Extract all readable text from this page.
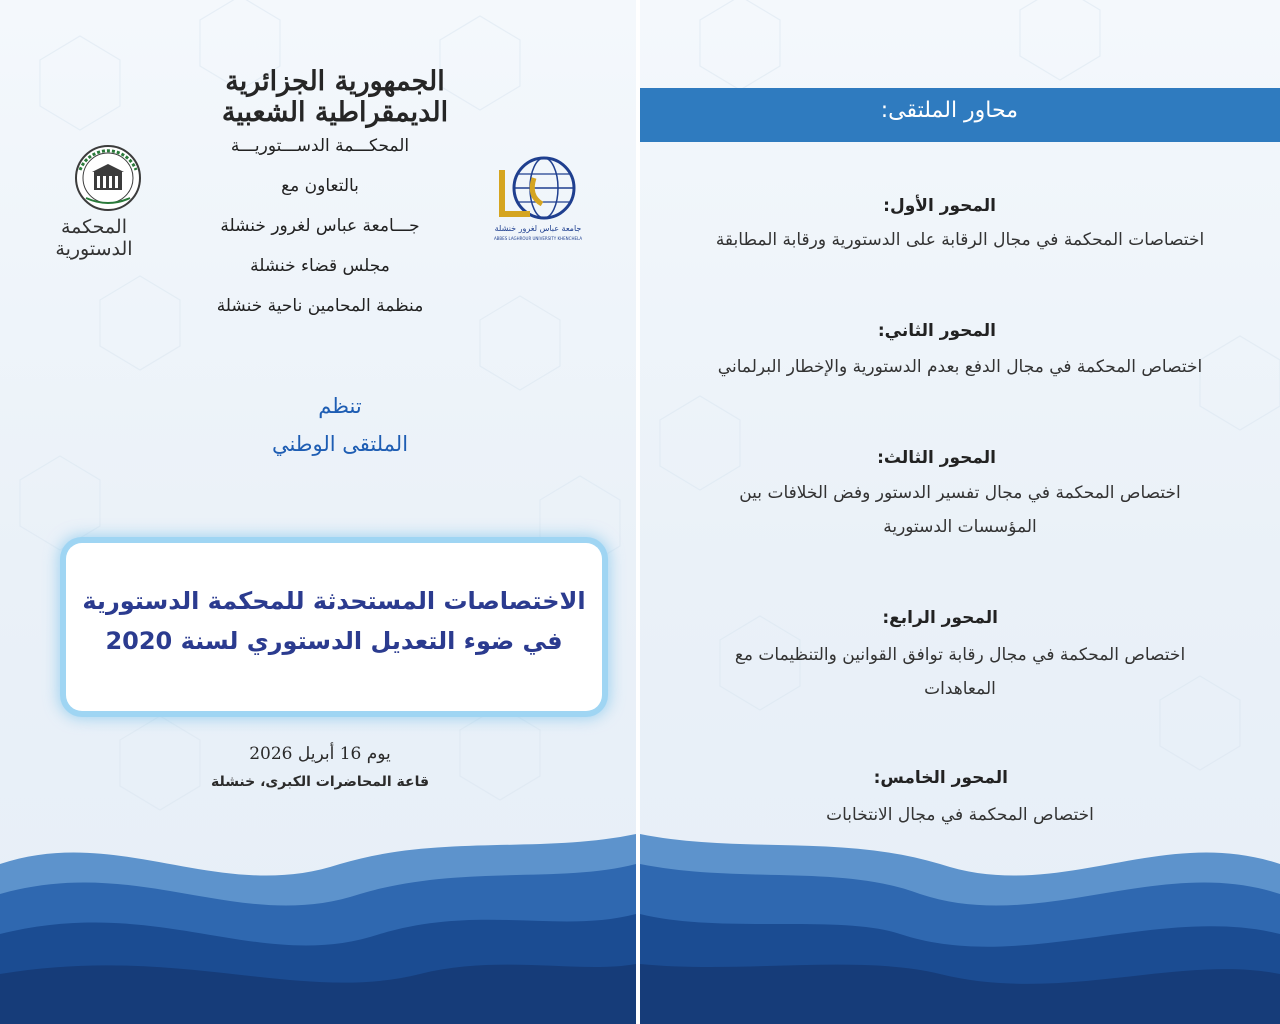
الجمهورية الجزائرية الديمقراطية الشعبية
المحكمة الدستورية
جامعة عباس لغرور خنشلة
ABBES LAGHROUR UNIVERSITY KHENCHELA
المحكـــمة الدســـتوريـــة
بالتعاون مع
جـــامعة عباس لغرور خنشلة
مجلس قضاء خنشلة
منظمة المحامين ناحية خنشلة
تنظم
الملتقى الوطني
الاختصاصات المستحدثة للمحكمة الدستورية
في ضوء التعديل الدستوري لسنة 2020
يوم 16 أبريل 2026
قاعة المحاضرات الكبرى، خنشلة
محاور الملتقى:
المحور الأول:
اختصاصات المحكمة في مجال الرقابة على الدستورية ورقابة المطابقة
المحور الثاني:
اختصاص المحكمة في مجال الدفع بعدم الدستورية والإخطار البرلماني
المحور الثالث:
اختصاص المحكمة في مجال تفسير الدستور وفض الخلافات بين المؤسسات الدستورية
المحور الرابع:
اختصاص المحكمة في مجال رقابة توافق القوانين والتنظيمات مع المعاهدات
المحور الخامس:
اختصاص المحكمة في مجال الانتخابات
